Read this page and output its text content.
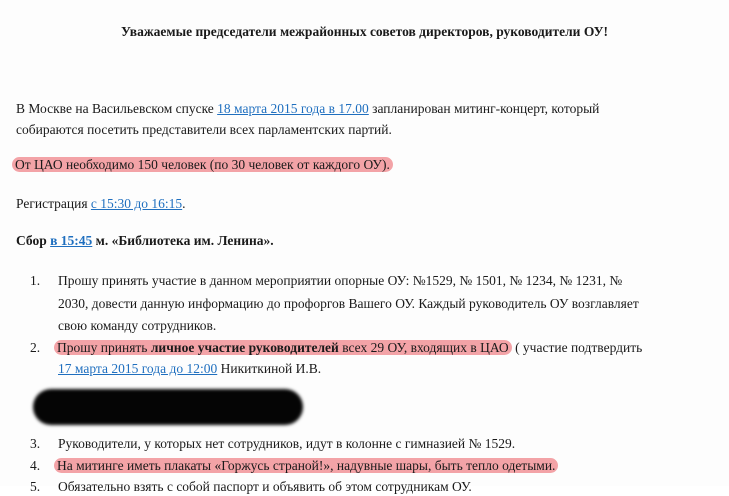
Уважаемые председатели межрайонных советов директоров, руководители ОУ!
В Москве на Васильевском спуске 18 марта 2015 года в 17.00 запланирован митинг-концерт, который
собираются посетить представители всех парламентских партий.
От ЦАО необходимо 150 человек (по 30 человек от каждого ОУ).
Регистрация с 15:30 до 16:15.
Сбор в 15:45 м. «Библиотека им. Ленина».
1.	Прошу принять участие в данном мероприятии опорные ОУ: №1529, № 1501, № 1234, № 1231, №
2030, довести данную информацию до профоргов Вашего ОУ. Каждый руководитель ОУ возглавляет
свою команду сотрудников.
2.	Прошу принять личное участие руководителей всех 29 ОУ, входящих в ЦАО ( участие подтвердить
17 марта 2015 года до 12:00 Никиткиной И.В.
3.	Руководители, у которых нет сотрудников, идут в колонне с гимназией № 1529.
4.	На митинге иметь плакаты «Горжусь страной!», надувные шары, быть тепло одетыми.
5.	Обязательно взять с собой паспорт и объявить об этом сотрудникам ОУ.
